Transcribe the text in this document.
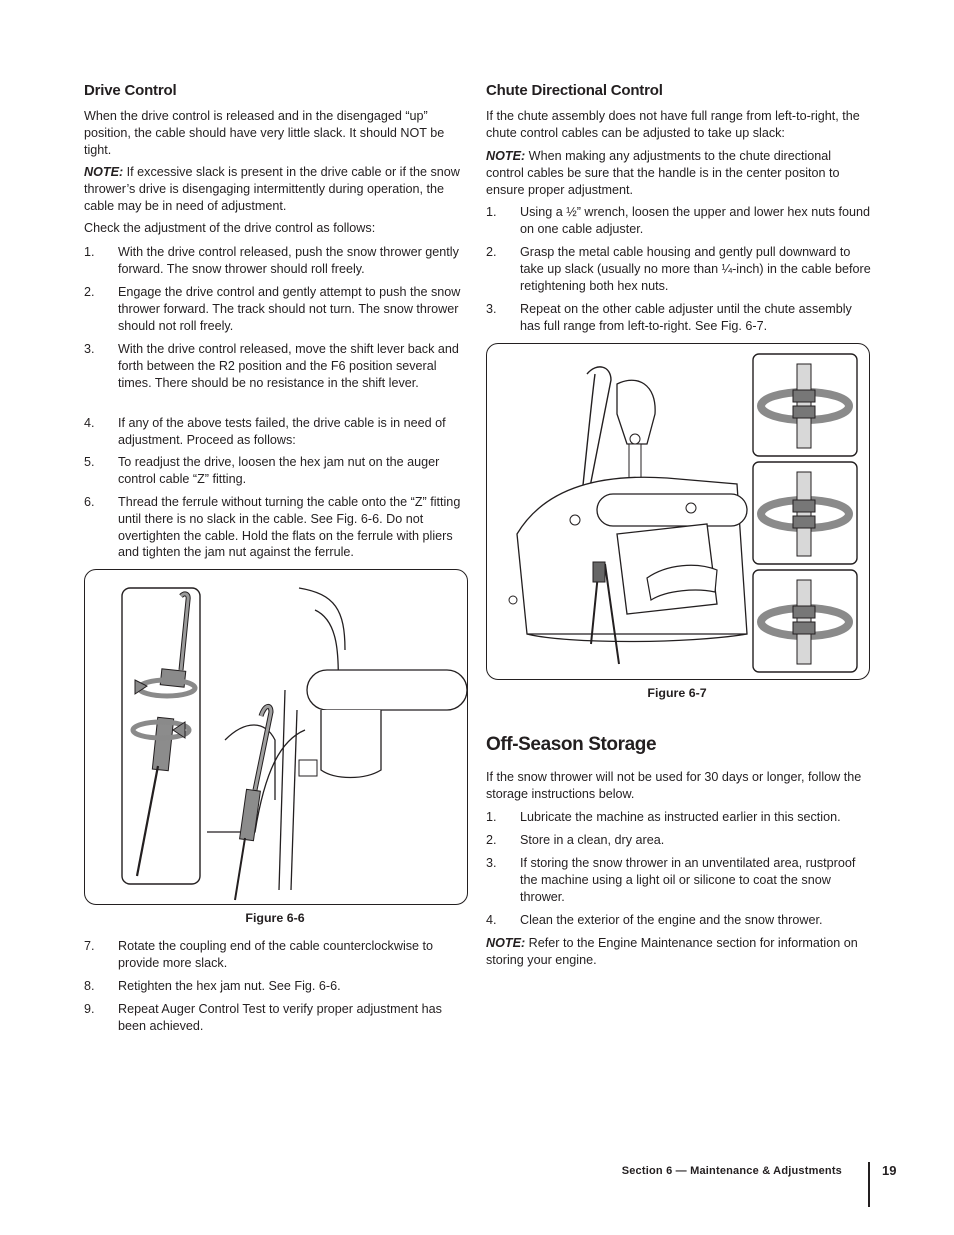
Drive Control

When the drive control is released and in the disengaged “up” position, the cable should have very little slack. It should NOT be tight.

NOTE: If excessive slack is present in the drive cable or if the snow thrower’s drive is disengaging intermittently during operation, the cable may be in need of adjustment.

Check the adjustment of the drive control as follows:

1.	With the drive control released, push the snow thrower gently forward. The snow thrower should roll freely.
2.	Engage the drive control and gently attempt to push the snow thrower forward. The track should not turn. The snow thrower should not roll freely.
3.	With the drive control released, move the shift lever back and forth between the R2 position and the F6 position several times. There should be no resistance in the shift lever.
4.	If any of the above tests failed, the drive cable is in need of adjustment. Proceed as follows:
5.	To readjust the drive, loosen the hex jam nut on the auger control cable “Z” fitting.
6.	Thread the ferrule without turning the cable onto the “Z” fitting until there is no slack in the cable. See Fig. 6-6. Do not overtighten the cable. Hold the flats on the ferrule with pliers and tighten the jam nut against the ferrule.
Figure 6-6
7.	Rotate the coupling end of the cable counterclockwise to provide more slack.
8.	Retighten the hex jam nut. See Fig. 6-6.
9.	Repeat Auger Control Test to verify proper adjustment has been achieved.
Chute Directional Control

If the chute assembly does not have full range from left-to-right, the chute control cables can be adjusted to take up slack:

NOTE: When making any adjustments to the chute directional control cables be sure that the handle is in the center positon to ensure proper adjustment.

1.	Using a ½” wrench, loosen the upper and lower hex nuts found on one cable adjuster.
2.	Grasp the metal cable housing and gently pull downward to take up slack (usually no more than ¼-inch) in the cable before retightening both hex nuts.
3.	Repeat on the other cable adjuster until the chute assembly has full range from left-to-right. See Fig. 6-7.
Figure 6-7
Off-Season Storage

If the snow thrower will not be used for 30 days or longer, follow the storage instructions below.

1.	Lubricate the machine as instructed earlier in this section.
2.	Store in a clean, dry area.
3.	If storing the snow thrower in an unventilated area, rustproof the machine using a light oil or silicone to coat the snow thrower.
4.	Clean the exterior of the engine and the snow thrower.

NOTE: Refer to the Engine Maintenance section for information on storing your engine.

Section 6 — Maintenance & Adjustments	19
